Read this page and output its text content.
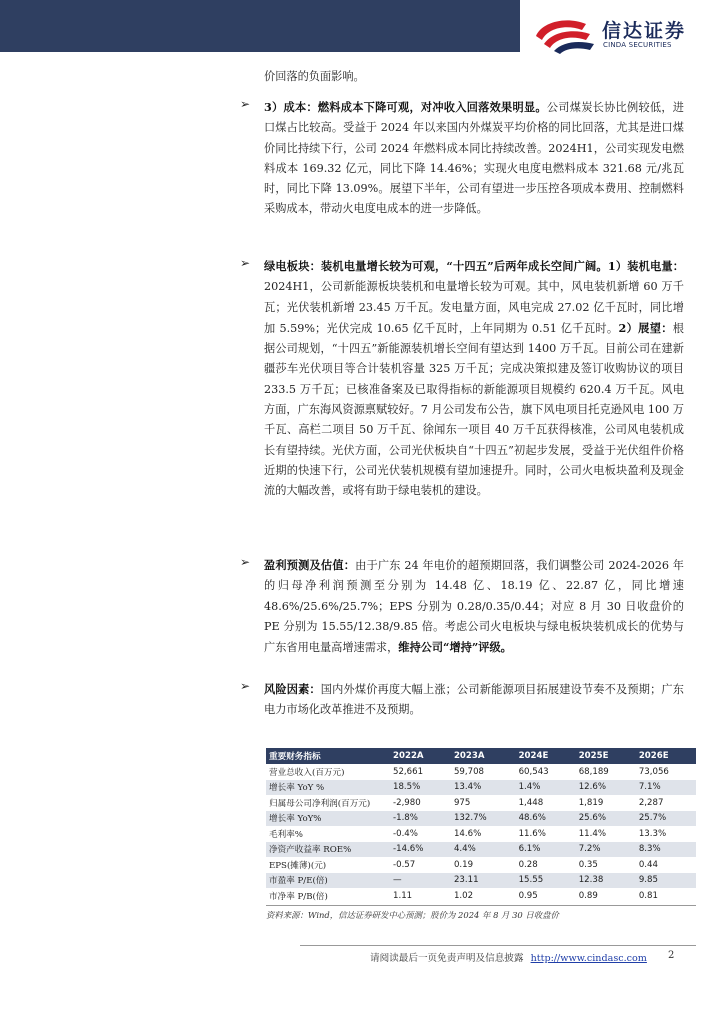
信达证券
CINDA SECURITIES

价回落的负面影响。

➢ 3）成本：燃料成本下降可观，对冲收入回落效果明显。公司煤炭长协比例较低，进口煤占比较高。受益于 2024 年以来国内外煤炭平均价格的同比回落，尤其是进口煤价同比持续下行，公司 2024 年燃料成本同比持续改善。2024H1，公司实现发电燃料成本 169.32 亿元，同比下降 14.46%；实现火电度电燃料成本 321.68 元/兆瓦时，同比下降 13.09%。展望下半年，公司有望进一步压控各项成本费用、控制燃料采购成本，带动火电度电成本的进一步降低。

➢ 绿电板块：装机电量增长较为可观，“十四五”后两年成长空间广阔。1）装机电量：2024H1，公司新能源板块装机和电量增长较为可观。其中，风电装机新增 60 万千瓦；光伏装机新增 23.45 万千瓦。发电量方面，风电完成 27.02 亿千瓦时，同比增加 5.59%；光伏完成 10.65 亿千瓦时，上年同期为 0.51 亿千瓦时。2）展望：根据公司规划，“十四五”新能源装机增长空间有望达到 1400 万千瓦。目前公司在建新疆莎车光伏项目等合计装机容量 325 万千瓦；完成决策拟建及签订收购协议的项目 233.5 万千瓦；已核准备案及已取得指标的新能源项目规模约 620.4 万千瓦。风电方面，广东海风资源禀赋较好。7 月公司发布公告，旗下风电项目托克逊风电 100 万千瓦、高栏二项目 50 万千瓦、徐闻东一项目 40 万千瓦获得核准，公司风电装机成长有望持续。光伏方面，公司光伏板块自“十四五”初起步发展，受益于光伏组件价格近期的快速下行，公司光伏装机规模有望加速提升。同时，公司火电板块盈利及现金流的大幅改善，或将有助于绿电装机的建设。

➢ 盈利预测及估值：由于广东 24 年电价的超预期回落，我们调整公司 2024-2026 年的归母净利润预测至分别为 14.48 亿、18.19 亿、22.87 亿，同比增速 48.6%/25.6%/25.7%；EPS 分别为 0.28/0.35/0.44；对应 8 月 30 日收盘价的 PE 分别为 15.55/12.38/9.85 倍。考虑公司火电板块与绿电板块装机成长的优势与广东省用电量高增速需求，维持公司“增持”评级。

➢ 风险因素：国内外煤价再度大幅上涨；公司新能源项目拓展建设节奏不及预期；广东电力市场化改革推进不及预期。

重要财务指标	2022A	2023A	2024E	2025E	2026E
营业总收入(百万元)	52,661	59,708	60,543	68,189	73,056
增长率 YoY %	18.5%	13.4%	1.4%	12.6%	7.1%
归属母公司净利润(百万元)	-2,980	975	1,448	1,819	2,287
增长率 YoY%	-1.8%	132.7%	48.6%	25.6%	25.7%
毛利率%	-0.4%	14.6%	11.6%	11.4%	13.3%
净资产收益率 ROE%	-14.6%	4.4%	6.1%	7.2%	8.3%
EPS(摊薄)(元)	-0.57	0.19	0.28	0.35	0.44
市盈率 P/E(倍)	—	23.11	15.55	12.38	9.85
市净率 P/B(倍)	1.11	1.02	0.95	0.89	0.81
资料来源：Wind，信达证券研发中心预测；股价为 2024 年 8 月 30 日收盘价
请阅读最后一页免责声明及信息披露 http://www.cindasc.com 2
